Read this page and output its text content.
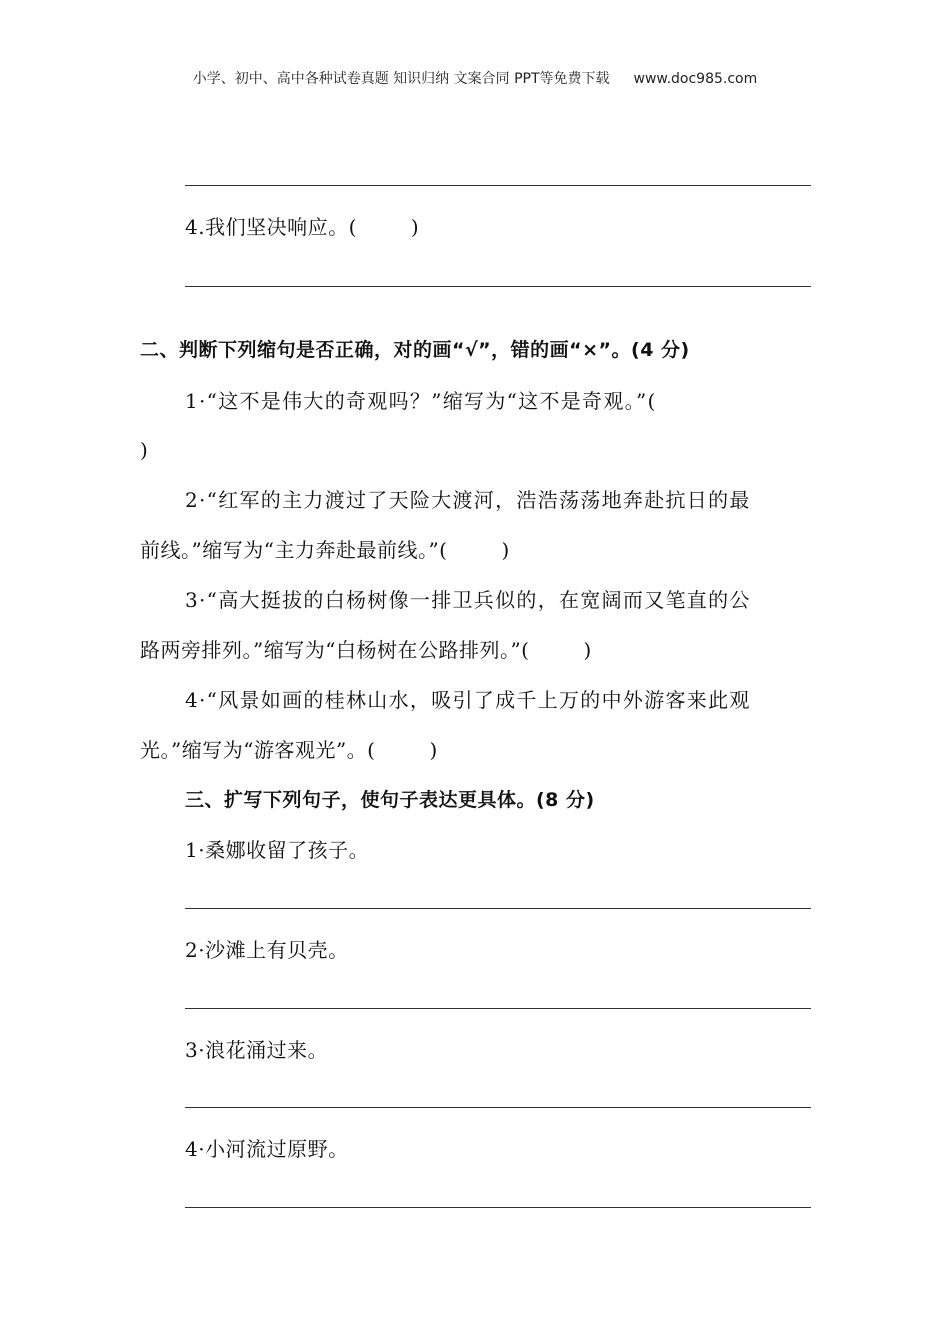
小学、初中、高中各种试卷真题 知识归纳 文案合同 PPT等免费下载 www.doc985.com
4.我们坚决响应。(	)
二、判断下列缩句是否正确，对的画“√”，错的画“×”。(4 分)
1·“这不是伟大的奇观吗？”缩写为“这不是奇观。”(
)
2·“红军的主力渡过了天险大渡河，浩浩荡荡地奔赴抗日的最
前线。”缩写为“主力奔赴最前线。”(	)
3·“高大挺拔的白杨树像一排卫兵似的，在宽阔而又笔直的公
路两旁排列。”缩写为“白杨树在公路排列。”(	)
4·“风景如画的桂林山水，吸引了成千上万的中外游客来此观
光。”缩写为“游客观光”。(	)
三、扩写下列句子，使句子表达更具体。(8 分)
1·桑娜收留了孩子。
2·沙滩上有贝壳。
3·浪花涌过来。
4·小河流过原野。
